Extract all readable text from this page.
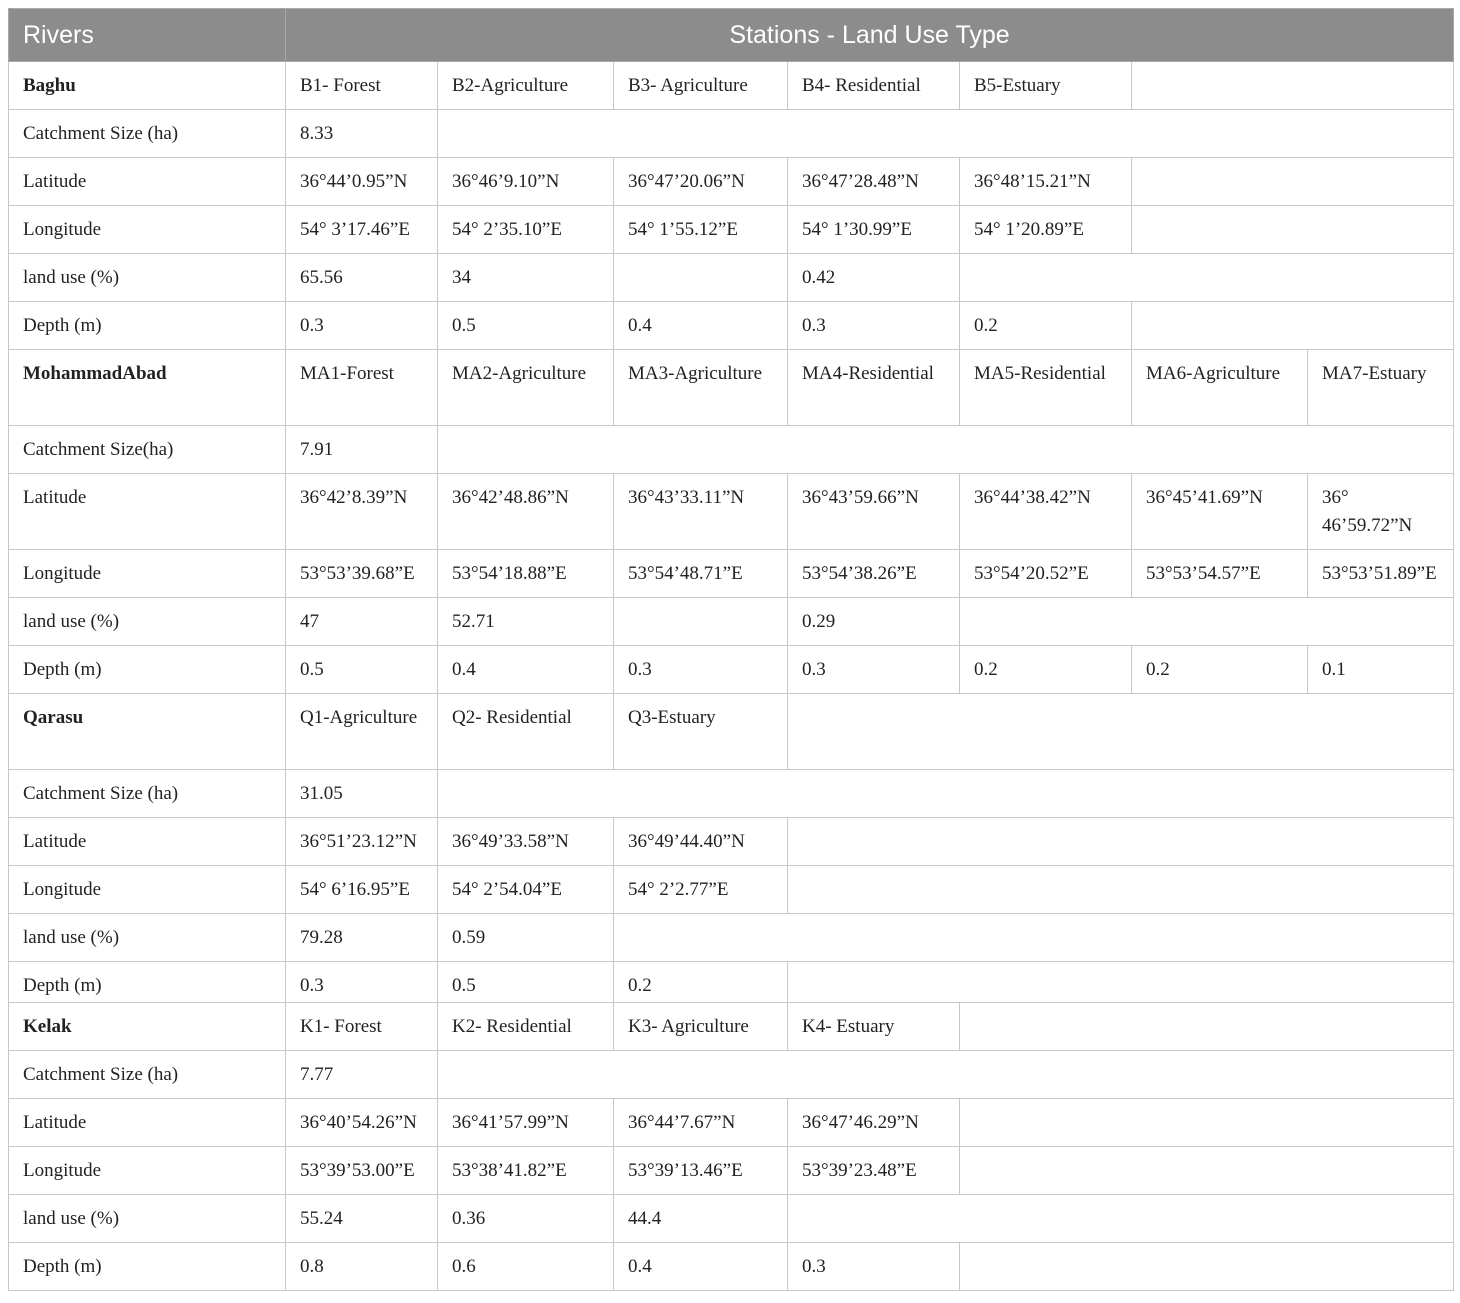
Rivers	Stations - Land Use Type						
Baghu	B1- Forest	B2-Agriculture	B3- Agriculture	B4- Residential	B5-Estuary		
Catchment Size (ha)	8.33						
Latitude	36°44’0.95”N	36°46’9.10”N	36°47’20.06”N	36°47’28.48”N	36°48’15.21”N		
Longitude	54° 3’17.46”E	54° 2’35.10”E	54° 1’55.12”E	54° 1’30.99”E	54° 1’20.89”E		
land use (%)	65.56	34		0.42			
Depth (m)	0.3	0.5	0.4	0.3	0.2		
MohammadAbad	MA1-Forest	MA2-Agriculture	MA3-Agriculture	MA4-Residential	MA5-Residential	MA6-Agriculture	MA7-Estuary
Catchment Size(ha)	7.91						
Latitude	36°42’8.39”N	36°42’48.86”N	36°43’33.11”N	36°43’59.66”N	36°44’38.42”N	36°45’41.69”N	36° 46’59.72”N
Longitude	53°53’39.68”E	53°54’18.88”E	53°54’48.71”E	53°54’38.26”E	53°54’20.52”E	53°53’54.57”E	53°53’51.89”E
land use (%)	47	52.71		0.29			
Depth (m)	0.5	0.4	0.3	0.3	0.2	0.2	0.1
Qarasu	Q1-Agriculture	Q2- Residential	Q3-Estuary				
Catchment Size (ha)	31.05						
Latitude	36°51’23.12”N	36°49’33.58”N	36°49’44.40”N				
Longitude	54° 6’16.95”E	54° 2’54.04”E	54° 2’2.77”E				
land use (%)	79.28	0.59					
Depth (m)	0.3	0.5	0.2				
Kelak	K1- Forest	K2- Residential	K3- Agriculture	K4- Estuary			
Catchment Size (ha)	7.77						
Latitude	36°40’54.26”N	36°41’57.99”N	36°44’7.67”N	36°47’46.29”N			
Longitude	53°39’53.00”E	53°38’41.82”E	53°39’13.46”E	53°39’23.48”E			
land use (%)	55.24	0.36	44.4				
Depth (m)	0.8	0.6	0.4	0.3			
